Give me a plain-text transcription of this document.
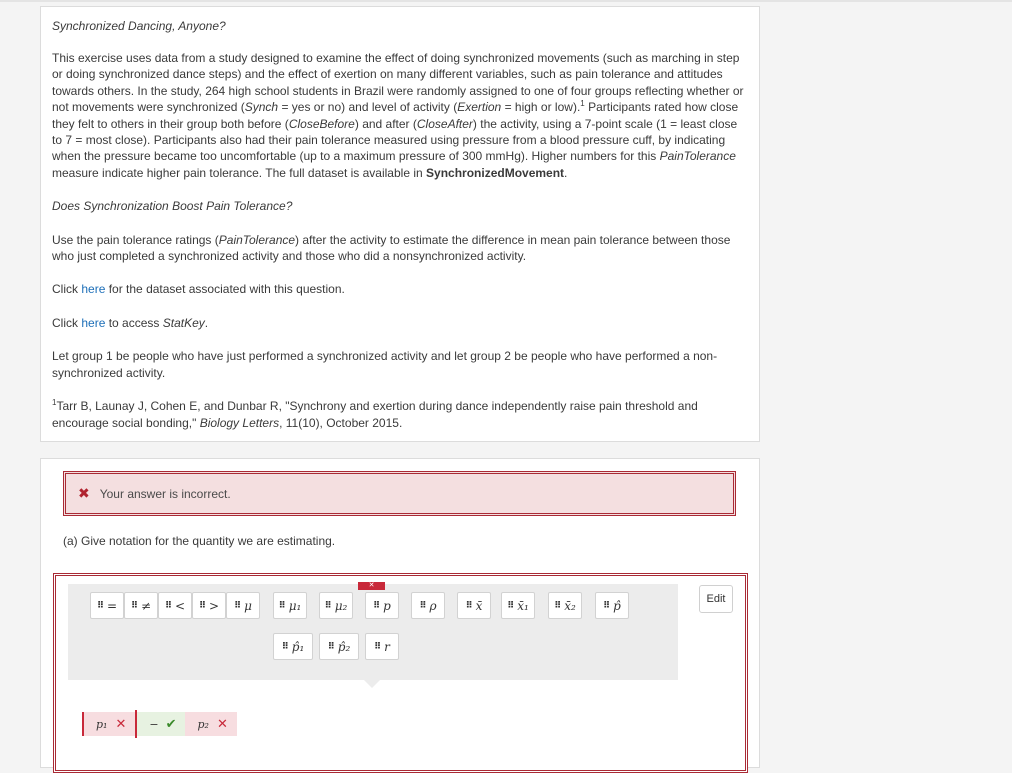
Synchronized Dancing, Anyone?

This exercise uses data from a study designed to examine the effect of doing synchronized movements (such as marching in step or doing synchronized dance steps) and the effect of exertion on many different variables, such as pain tolerance and attitudes towards others. In the study, 264 high school students in Brazil were randomly assigned to one of four groups reflecting whether or not movements were synchronized (Synch = yes or no) and level of activity (Exertion = high or low).$^1$ Participants rated how close they felt to others in their group both before (CloseBefore) and after (CloseAfter) the activity, using a 7-point scale (1 = least close to 7 = most close). Participants also had their pain tolerance measured using pressure from a blood pressure cuff, by indicating when the pressure became too uncomfortable (up to a maximum pressure of 300 mmHg). Higher numbers for this PainTolerance measure indicate higher pain tolerance. The full dataset is available in SynchronizedMovement.

Does Synchronization Boost Pain Tolerance?

Use the pain tolerance ratings (PainTolerance) after the activity to estimate the difference in mean pain tolerance between those who just completed a synchronized activity and those who did a nonsynchronized activity.

Click here for the dataset associated with this question.

Click here to access StatKey.

Let group 1 be people who have just performed a synchronized activity and let group 2 be people who have performed a non-synchronized activity.

$^1$Tarr B, Launay J, Cohen E, and Dunbar R, "Synchrony and exertion during dance independently raise pain threshold and encourage social bonding," Biology Letters, 11(10), October 2015.

✖ Your answer is incorrect.
(a) Give notation for the quantity we are estimating.
✕
⠿ = ⠿ ≠ ⠿ < ⠿ > ⠿ μ	⠿ μ₁	⠿ μ₂	⠿ p	⠿ ρ	⠿ x̄	⠿ x̄₁	⠿ x̄₂	⠿ p̂
⠿ p̂₁	⠿ p̂₂	⠿ r
Edit
p₁ ✕ − ✔ p₂ ✕
